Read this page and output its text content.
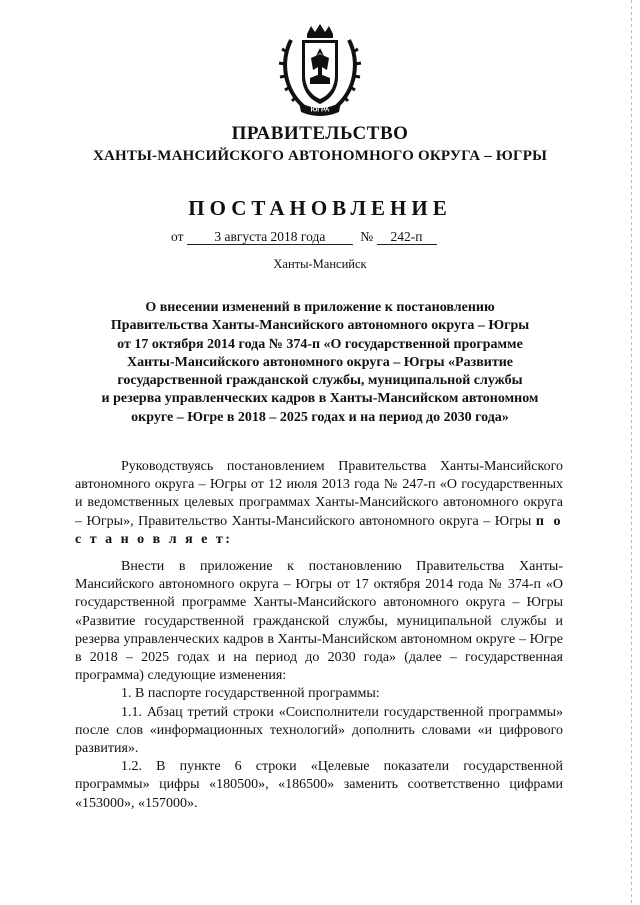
ЮГРА
ПРАВИТЕЛЬСТВО
ХАНТЫ-МАНСИЙСКОГО АВТОНОМНОГО ОКРУГА – ЮГРЫ
ПОСТАНОВЛЕНИЕ
от 3 августа 2018 года	№ 242-п
Ханты-Мансийск
О внесении изменений в приложение к постановлению
Правительства Ханты-Мансийского автономного округа – Югры
от 17 октября 2014 года № 374-п «О государственной программе
Ханты-Мансийского автономного округа – Югры «Развитие
государственной гражданской службы, муниципальной службы
и резерва управленческих кадров в Ханты-Мансийском автономном
округе – Югре в 2018 – 2025 годах и на период до 2030 года»

Руководствуясь постановлением Правительства Ханты-Мансийского автономного округа – Югры от 12 июля 2013 года № 247-п «О государственных и ведомственных целевых программах Ханты-Мансийского автономного округа – Югры», Правительство Ханты-Мансийского автономного округа – Югры п о с т а н о в л я е т:

Внести в приложение к постановлению Правительства Ханты-Мансийского автономного округа – Югры от 17 октября 2014 года № 374-п «О государственной программе Ханты-Мансийского автономного округа – Югры «Развитие государственной гражданской службы, муниципальной службы и резерва управленческих кадров в Ханты-Мансийском автономном округе – Югре в 2018 – 2025 годах и на период до 2030 года» (далее – государственная программа) следующие изменения:

1. В паспорте государственной программы:

1.1. Абзац третий строки «Соисполнители государственной программы» после слов «информационных технологий» дополнить словами «и цифрового развития».

1.2. В пункте 6 строки «Целевые показатели государственной программы» цифры «180500», «186500» заменить соответственно цифрами «153000», «157000».
